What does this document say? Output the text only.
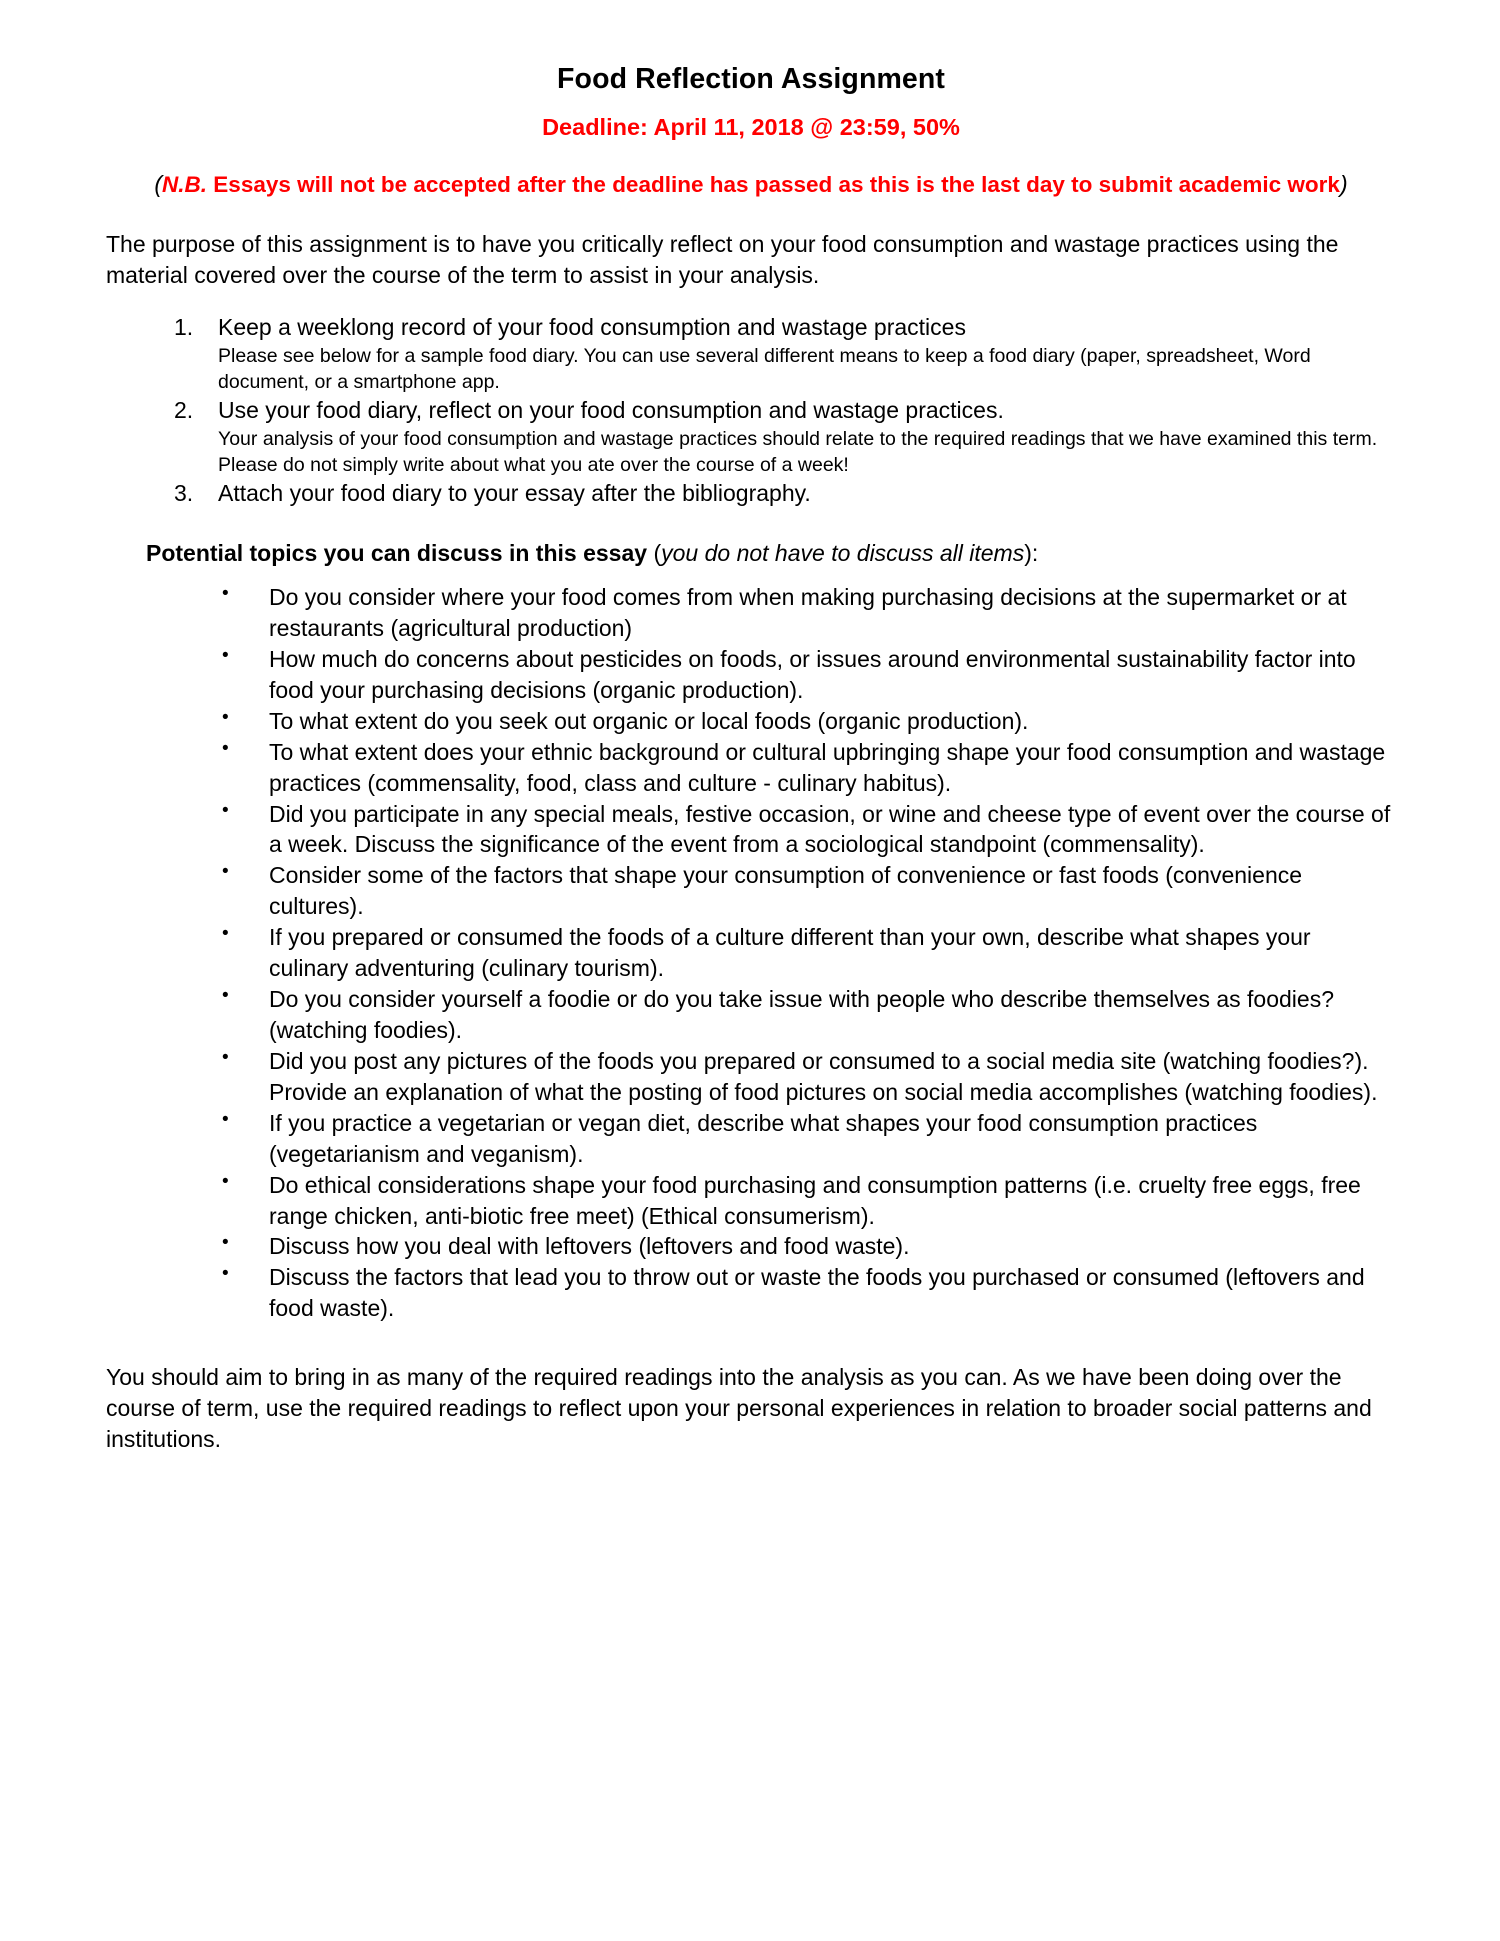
Food Reflection Assignment
Deadline: April 11, 2018 @ 23:59, 50%
(N.B. Essays will not be accepted after the deadline has passed as this is the last day to submit academic work)

The purpose of this assignment is to have you critically reflect on your food consumption and wastage practices using the material covered over the course of the term to assist in your analysis.

Keep a weeklong record of your food consumption and wastage practices
Please see below for a sample food diary. You can use several different means to keep a food diary (paper, spreadsheet, Word document, or a smartphone app.
Use your food diary, reflect on your food consumption and wastage practices.
Your analysis of your food consumption and wastage practices should relate to the required readings that we have examined this term. Please do not simply write about what you ate over the course of a week!
Attach your food diary to your essay after the bibliography.
Potential topics you can discuss in this essay (you do not have to discuss all items):
• Do you consider where your food comes from when making purchasing decisions at the supermarket or at restaurants (agricultural production)
• How much do concerns about pesticides on foods, or issues around environmental sustainability factor into food your purchasing decisions (organic production).
• To what extent do you seek out organic or local foods (organic production).
• To what extent does your ethnic background or cultural upbringing shape your food consumption and wastage practices (commensality, food, class and culture - culinary habitus).
• Did you participate in any special meals, festive occasion, or wine and cheese type of event over the course of a week. Discuss the significance of the event from a sociological standpoint (commensality).
• Consider some of the factors that shape your consumption of convenience or fast foods (convenience cultures).
• If you prepared or consumed the foods of a culture different than your own, describe what shapes your culinary adventuring (culinary tourism).
• Do you consider yourself a foodie or do you take issue with people who describe themselves as foodies? (watching foodies).
• Did you post any pictures of the foods you prepared or consumed to a social media site (watching foodies?). Provide an explanation of what the posting of food pictures on social media accomplishes (watching foodies).
• If you practice a vegetarian or vegan diet, describe what shapes your food consumption practices (vegetarianism and veganism).
• Do ethical considerations shape your food purchasing and consumption patterns (i.e. cruelty free eggs, free range chicken, anti-biotic free meet) (Ethical consumerism).
• Discuss how you deal with leftovers (leftovers and food waste).
• Discuss the factors that lead you to throw out or waste the foods you purchased or consumed (leftovers and food waste).

You should aim to bring in as many of the required readings into the analysis as you can. As we have been doing over the course of term, use the required readings to reflect upon your personal experiences in relation to broader social patterns and institutions.
